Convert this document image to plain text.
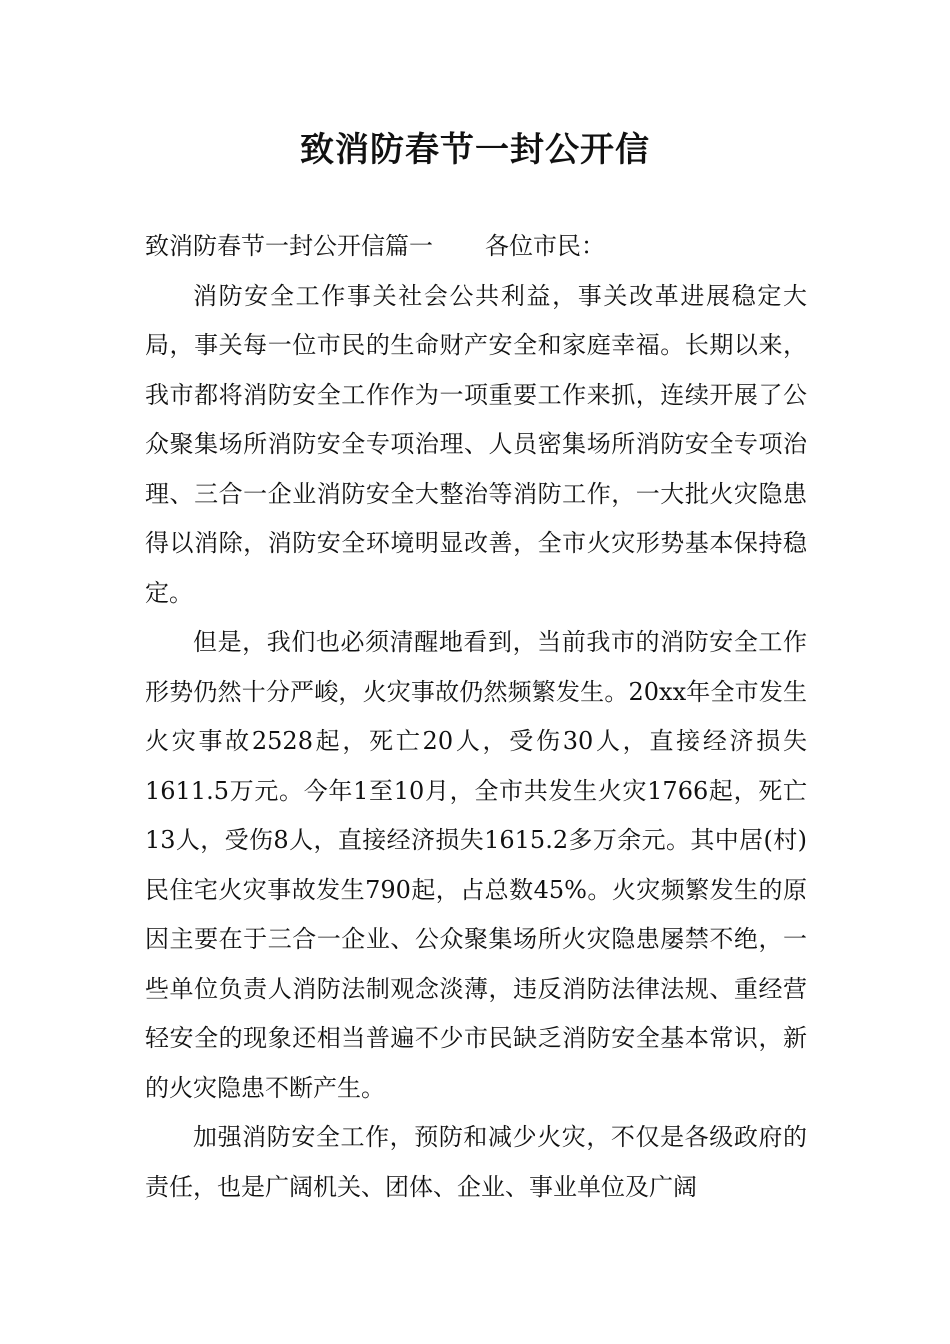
致消防春节一封公开信

致消防春节一封公开信篇一 各位市民：

消防安全工作事关社会公共利益，事关改革进展稳定大局，事关每一位市民的生命财产安全和家庭幸福。长期以来，我市都将消防安全工作作为一项重要工作来抓，连续开展了公众聚集场所消防安全专项治理、人员密集场所消防安全专项治理、三合一企业消防安全大整治等消防工作，一大批火灾隐患得以消除，消防安全环境明显改善，全市火灾形势基本保持稳定。

但是，我们也必须清醒地看到，当前我市的消防安全工作形势仍然十分严峻，火灾事故仍然频繁发生。20xx年全市发生火灾事故2528起，死亡20人，受伤30人，直接经济损失1611.5万元。今年1至10月，全市共发生火灾1766起，死亡13人，受伤8人，直接经济损失1615.2多万余元。其中居(村)民住宅火灾事故发生790起，占总数45%。火灾频繁发生的原因主要在于三合一企业、公众聚集场所火灾隐患屡禁不绝，一些单位负责人消防法制观念淡薄，违反消防法律法规、重经营轻安全的现象还相当普遍不少市民缺乏消防安全基本常识，新的火灾隐患不断产生。

加强消防安全工作，预防和减少火灾，不仅是各级政府的责任，也是广阔机关、团体、企业、事业单位及广阔
